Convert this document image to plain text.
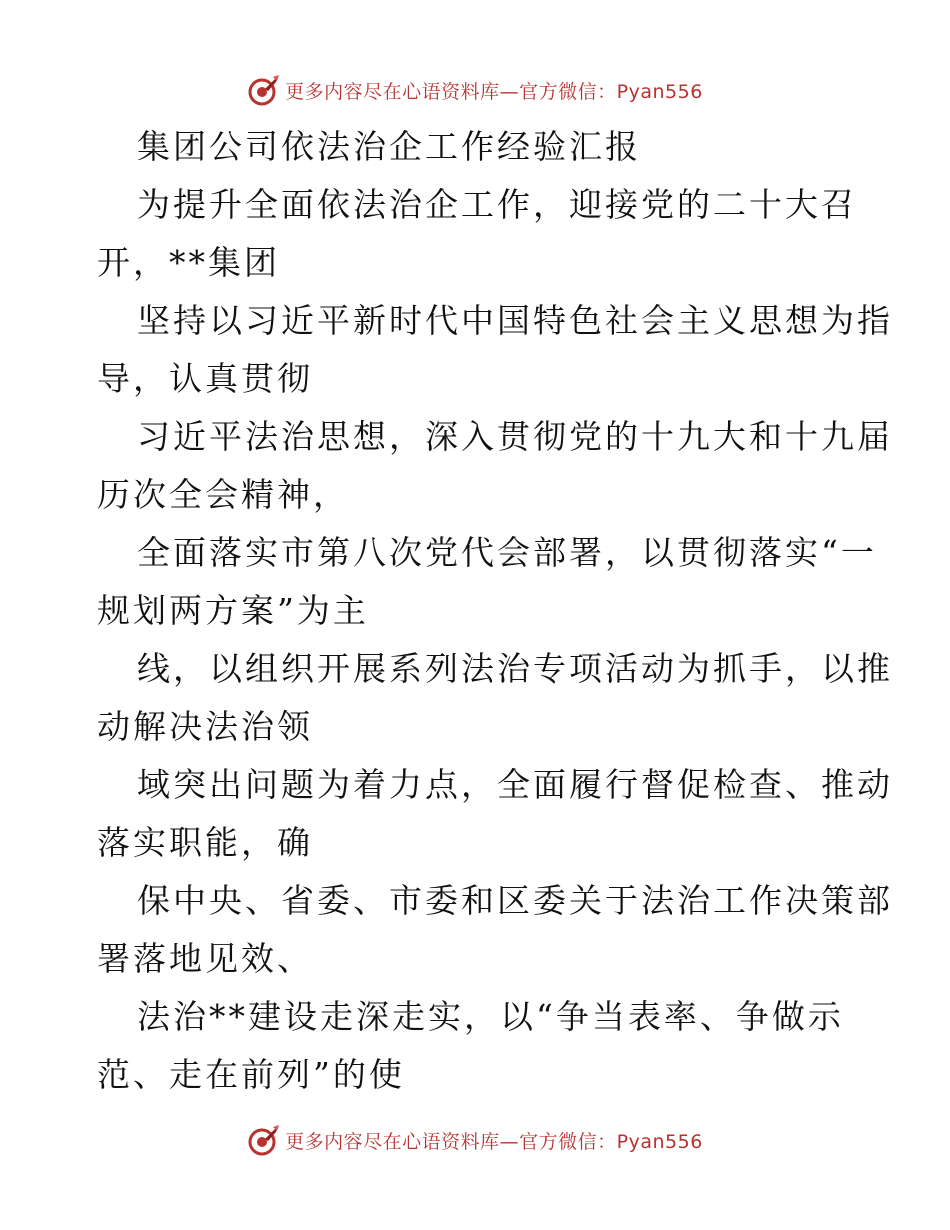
更多内容尽在心语资料库—官方微信：Pyan556
集团公司依法治企工作经验汇报
为提升全面依法治企工作，迎接党的二十大召
开，**集团
坚持以习近平新时代中国特色社会主义思想为指
导，认真贯彻
习近平法治思想，深入贯彻党的十九大和十九届
历次全会精神，
全面落实市第八次党代会部署，以贯彻落实“一
规划两方案”为主
线，以组织开展系列法治专项活动为抓手，以推
动解决法治领
域突出问题为着力点，全面履行督促检查、推动
落实职能，确
保中央、省委、市委和区委关于法治工作决策部
署落地见效、
法治**建设走深走实，以“争当表率、争做示
范、走在前列”的使
更多内容尽在心语资料库—官方微信：Pyan556
